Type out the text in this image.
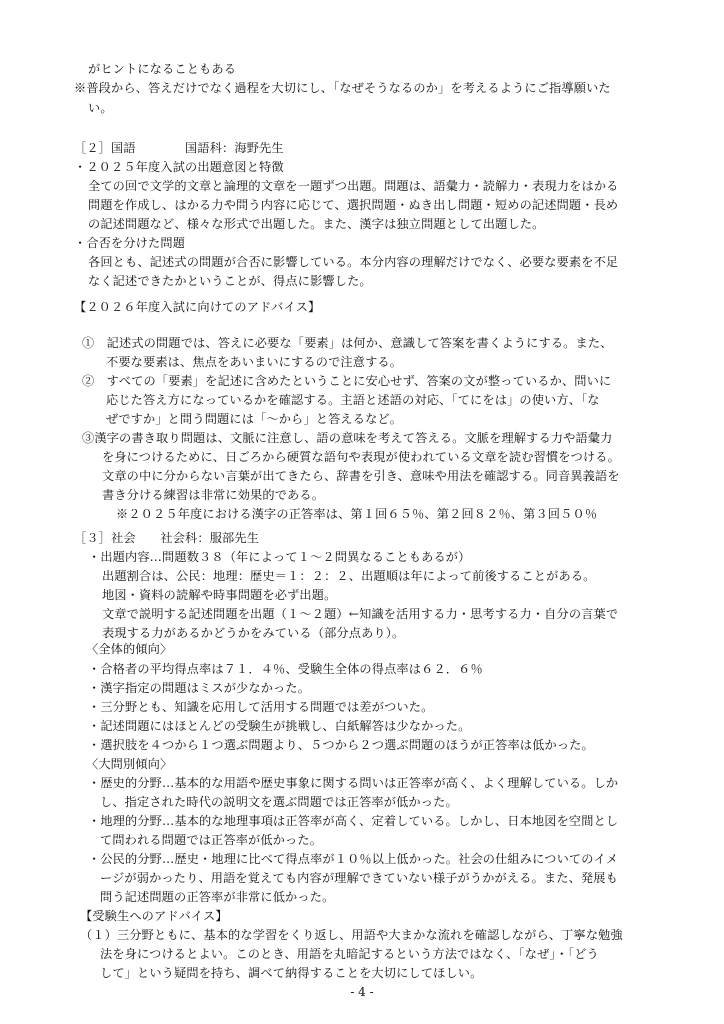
がヒントになることもある
※普段から、答えだけでなく過程を大切にし、「なぜそうなるのか」を考えるようにご指導願いた
い。
［２］国語　　　　国語科：海野先生
・２０２５年度入試の出題意図と特徴
全ての回で文学的文章と論理的文章を一題ずつ出題。問題は、語彙力・読解力・表現力をはかる
問題を作成し、はかる力や問う内容に応じて、選択問題・ぬき出し問題・短めの記述問題・長め
の記述問題など、様々な形式で出題した。また、漢字は独立問題として出題した。
・合否を分けた問題
各回とも、記述式の問題が合否に影響している。本分内容の理解だけでなく、必要な要素を不足
なく記述できたかということが、得点に影響した。
【２０２６年度入試に向けてのアドバイス】
①　記述式の問題では、答えに必要な「要素」は何か、意識して答案を書くようにする。また、
不要な要素は、焦点をあいまいにするので注意する。
②　すべての「要素」を記述に含めたということに安心せず、答案の文が整っているか、問いに
応じた答え方になっているかを確認する。主語と述語の対応、「てにをは」の使い方、「な
ぜですか」と問う問題には「～から」と答えるなど。
③漢字の書き取り問題は、文脈に注意し、語の意味を考えて答える。文脈を理解する力や語彙力
を身につけるために、日ごろから硬質な語句や表現が使われている文章を読む習慣をつける。
文章の中に分からない言葉が出てきたら、辞書を引き、意味や用法を確認する。同音異義語を
書き分ける練習は非常に効果的である。
※２０２５年度における漢字の正答率は、第１回６５％、第２回８２％、第３回５０％
［３］社会　　社会科：服部先生
・出題内容…問題数３８（年によって１～２問異なることもあるが）
出題割合は、公民：地理：歴史＝１：２：２、出題順は年によって前後することがある。
地図・資料の読解や時事問題を必ず出題。
文章で説明する記述問題を出題（１～２題）←知識を活用する力・思考する力・自分の言葉で
表現する力があるかどうかをみている（部分点あり）。
〈全体的傾向〉
・合格者の平均得点率は７１．４％、受験生全体の得点率は６２．６％
・漢字指定の問題はミスが少なかった。
・三分野とも、知識を応用して活用する問題では差がついた。
・記述問題にはほとんどの受験生が挑戦し、白紙解答は少なかった。
・選択肢を４つから１つ選ぶ問題より、５つから２つ選ぶ問題のほうが正答率は低かった。
〈大問別傾向〉
・歴史的分野…基本的な用語や歴史事象に関する問いは正答率が高く、よく理解している。しか
し、指定された時代の説明文を選ぶ問題では正答率が低かった。
・地理的分野…基本的な地理事項は正答率が高く、定着している。しかし、日本地図を空間とし
て問われる問題では正答率が低かった。
・公民的分野…歴史・地理に比べて得点率が１０％以上低かった。社会の仕組みについてのイメ
ージが弱かったり、用語を覚えても内容が理解できていない様子がうかがえる。また、発展も
問う記述問題の正答率が非常に低かった。
【受験生へのアドバイス】
（１）三分野ともに、基本的な学習をくり返し、用語や大まかな流れを確認しながら、丁寧な勉強
法を身につけるとよい。このとき、用語を丸暗記するという方法ではなく、「なぜ」・「どう
して」という疑問を持ち、調べて納得することを大切にしてほしい。
- 4 -
